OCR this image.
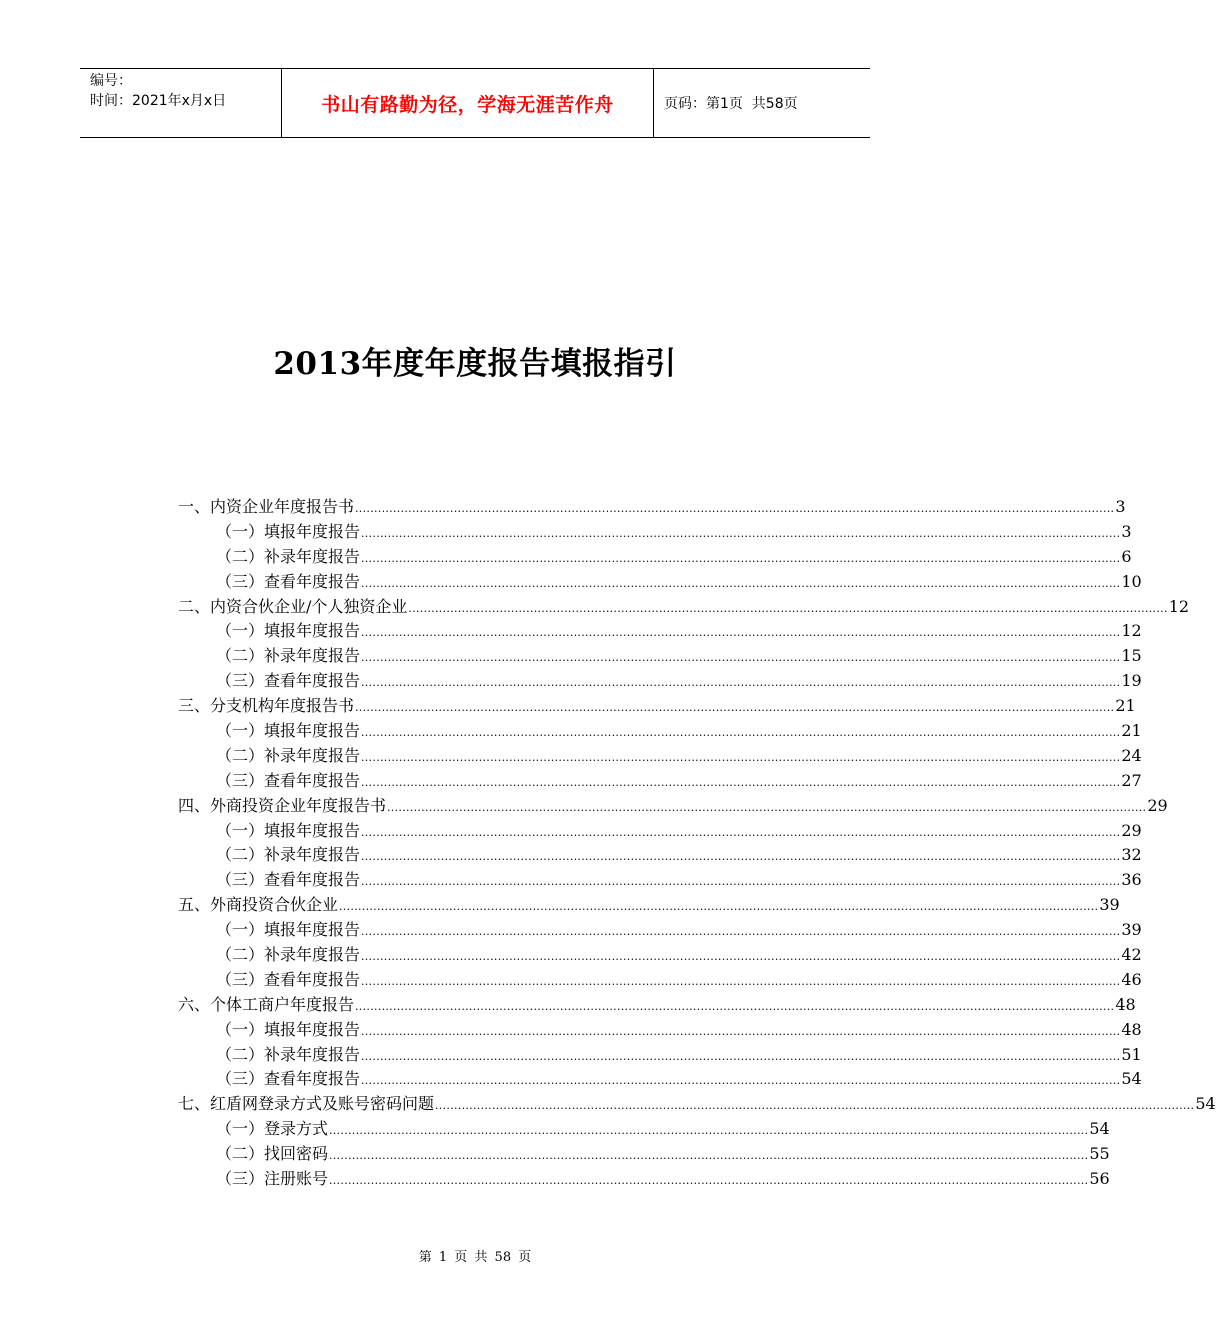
编号：
时间：2021年x月x日	书山有路勤为径，学海无涯苦作舟	页码：第1页  共58页
2013年度年度报告填报指引
一、内资企业年度报告书 ........................................................................................................................................................................................................ 3
（一）填报年度报告 ........................................................................................................................................................................................................ 3
（二）补录年度报告 ........................................................................................................................................................................................................ 6
（三）查看年度报告 ........................................................................................................................................................................................................ 10
二、内资合伙企业/个人独资企业 ........................................................................................................................................................................................................ 12
（一）填报年度报告 ........................................................................................................................................................................................................ 12
（二）补录年度报告 ........................................................................................................................................................................................................ 15
（三）查看年度报告 ........................................................................................................................................................................................................ 19
三、分支机构年度报告书 ........................................................................................................................................................................................................ 21
（一）填报年度报告 ........................................................................................................................................................................................................ 21
（二）补录年度报告 ........................................................................................................................................................................................................ 24
（三）查看年度报告 ........................................................................................................................................................................................................ 27
四、外商投资企业年度报告书 ........................................................................................................................................................................................................ 29
（一）填报年度报告 ........................................................................................................................................................................................................ 29
（二）补录年度报告 ........................................................................................................................................................................................................ 32
（三）查看年度报告 ........................................................................................................................................................................................................ 36
五、外商投资合伙企业 ........................................................................................................................................................................................................ 39
（一）填报年度报告 ........................................................................................................................................................................................................ 39
（二）补录年度报告 ........................................................................................................................................................................................................ 42
（三）查看年度报告 ........................................................................................................................................................................................................ 46
六、个体工商户年度报告 ........................................................................................................................................................................................................ 48
（一）填报年度报告 ........................................................................................................................................................................................................ 48
（二）补录年度报告 ........................................................................................................................................................................................................ 51
（三）查看年度报告 ........................................................................................................................................................................................................ 54
七、红盾网登录方式及账号密码问题 ........................................................................................................................................................................................................ 54
（一）登录方式 ........................................................................................................................................................................................................ 54
（二）找回密码 ........................................................................................................................................................................................................ 55
（三）注册账号 ........................................................................................................................................................................................................ 56
第 1 页 共 58 页
